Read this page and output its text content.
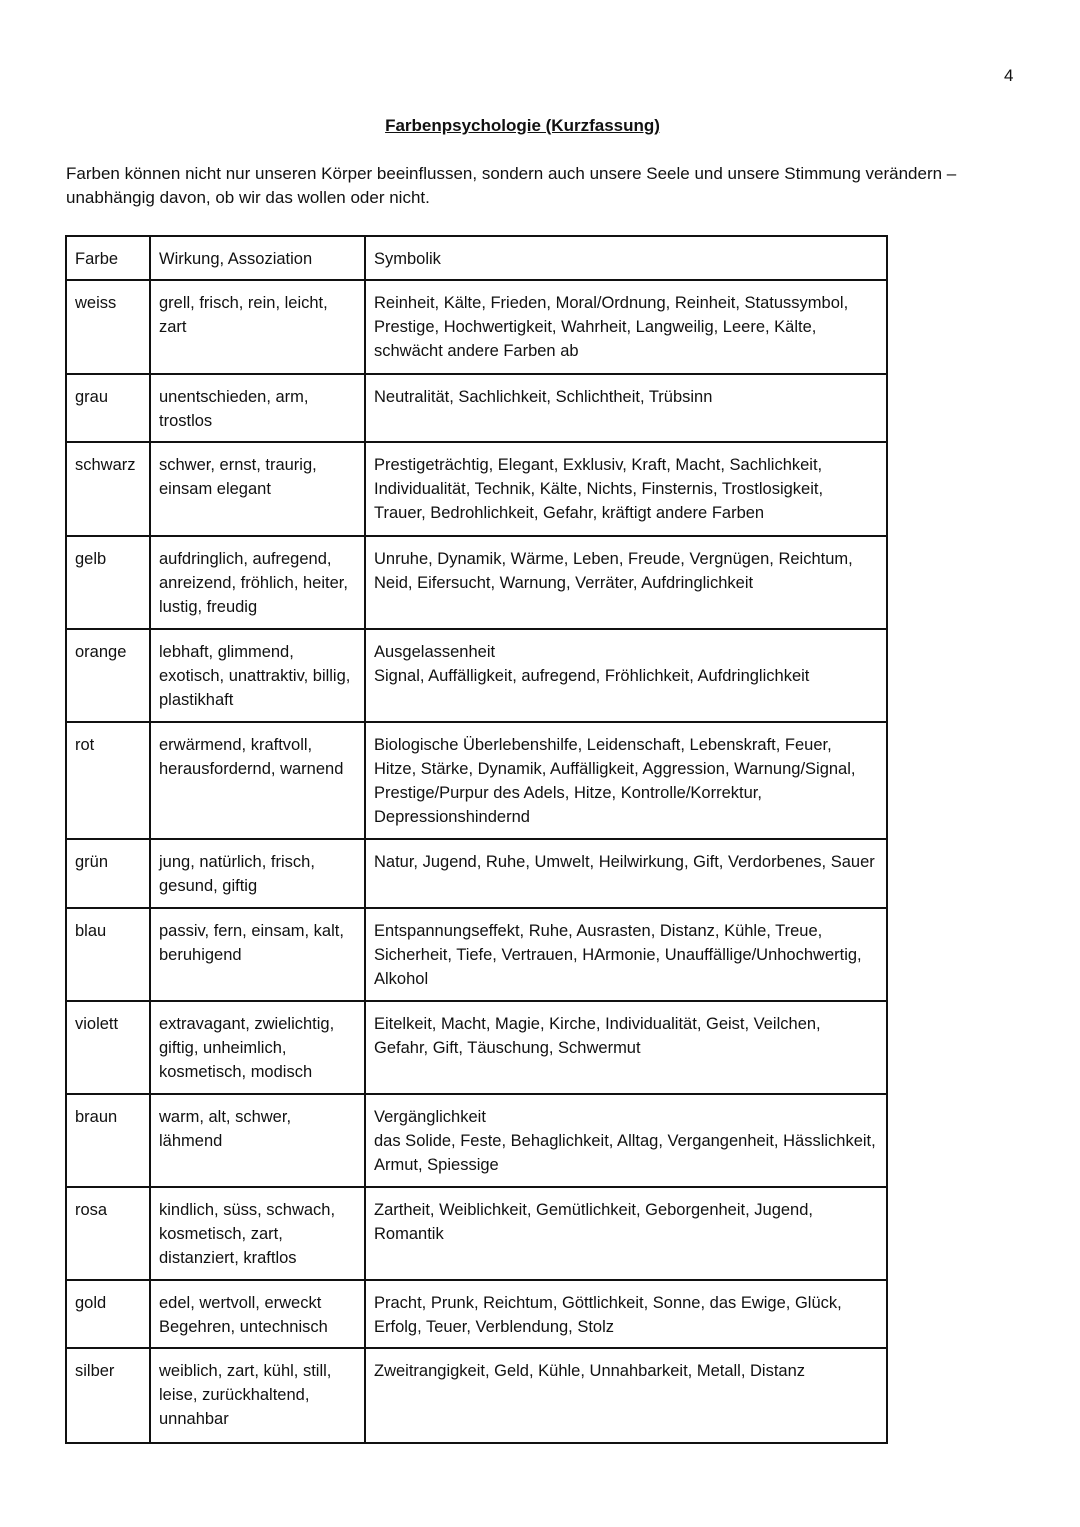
4
Farbenpsychologie (Kurzfassung)
Farben können nicht nur unseren Körper beeinflussen, sondern auch unsere Seele und unsere Stimmung verändern – unabhängig davon, ob wir das wollen oder nicht.
Farbe	Wirkung, Assoziation	Symbolik
weiss	grell, frisch, rein, leicht, zart	Reinheit, Kälte, Frieden, Moral/Ordnung, Reinheit, Statussymbol, Prestige, Hochwertigkeit, Wahrheit, Langweilig, Leere, Kälte, schwächt andere Farben ab
grau	unentschieden, arm, trostlos	Neutralität, Sachlichkeit, Schlichtheit, Trübsinn
schwarz	schwer, ernst, traurig, einsam elegant	Prestigeträchtig, Elegant, Exklusiv, Kraft, Macht, Sachlichkeit, Individualität, Technik, Kälte, Nichts, Finsternis, Trostlosigkeit, Trauer, Bedrohlichkeit, Gefahr, kräftigt andere Farben
gelb	aufdringlich, aufregend, anreizend, fröhlich, heiter, lustig, freudig	Unruhe, Dynamik, Wärme, Leben, Freude, Vergnügen, Reichtum, Neid, Eifersucht, Warnung, Verräter, Aufdringlichkeit
orange	lebhaft, glimmend, exotisch, unattraktiv, billig, plastikhaft	Ausgelassenheit
Signal, Auffälligkeit, aufregend, Fröhlichkeit, Aufdringlichkeit
rot	erwärmend, kraftvoll, herausfordernd, warnend	Biologische Überlebenshilfe, Leidenschaft, Lebenskraft, Feuer, Hitze, Stärke, Dynamik, Auffälligkeit, Aggression, Warnung/Signal, Prestige/Purpur des Adels, Hitze, Kontrolle/Korrektur, Depressionshindernd
grün	jung, natürlich, frisch, gesund, giftig	Natur, Jugend, Ruhe, Umwelt, Heilwirkung, Gift, Verdorbenes, Sauer
blau	passiv, fern, einsam, kalt, beruhigend	Entspannungseffekt, Ruhe, Ausrasten, Distanz, Kühle, Treue, Sicherheit, Tiefe, Vertrauen, HArmonie, Unauffällige/Unhochwertig, Alkohol
violett	extravagant, zwielichtig, giftig, unheimlich, kosmetisch, modisch	Eitelkeit, Macht, Magie, Kirche, Individualität, Geist, Veilchen, Gefahr, Gift, Täuschung, Schwermut
braun	warm, alt, schwer, lähmend	Vergänglichkeit
das Solide, Feste, Behaglichkeit, Alltag, Vergangenheit, Hässlichkeit, Armut, Spiessige
rosa	kindlich, süss, schwach, kosmetisch, zart, distanziert, kraftlos	Zartheit, Weiblichkeit, Gemütlichkeit, Geborgenheit, Jugend, Romantik
gold	edel, wertvoll, erweckt Begehren, untechnisch	Pracht, Prunk, Reichtum, Göttlichkeit, Sonne, das Ewige, Glück, Erfolg, Teuer, Verblendung, Stolz
silber	weiblich, zart, kühl, still, leise, zurückhaltend, unnahbar	Zweitrangigkeit, Geld, Kühle, Unnahbarkeit, Metall, Distanz
